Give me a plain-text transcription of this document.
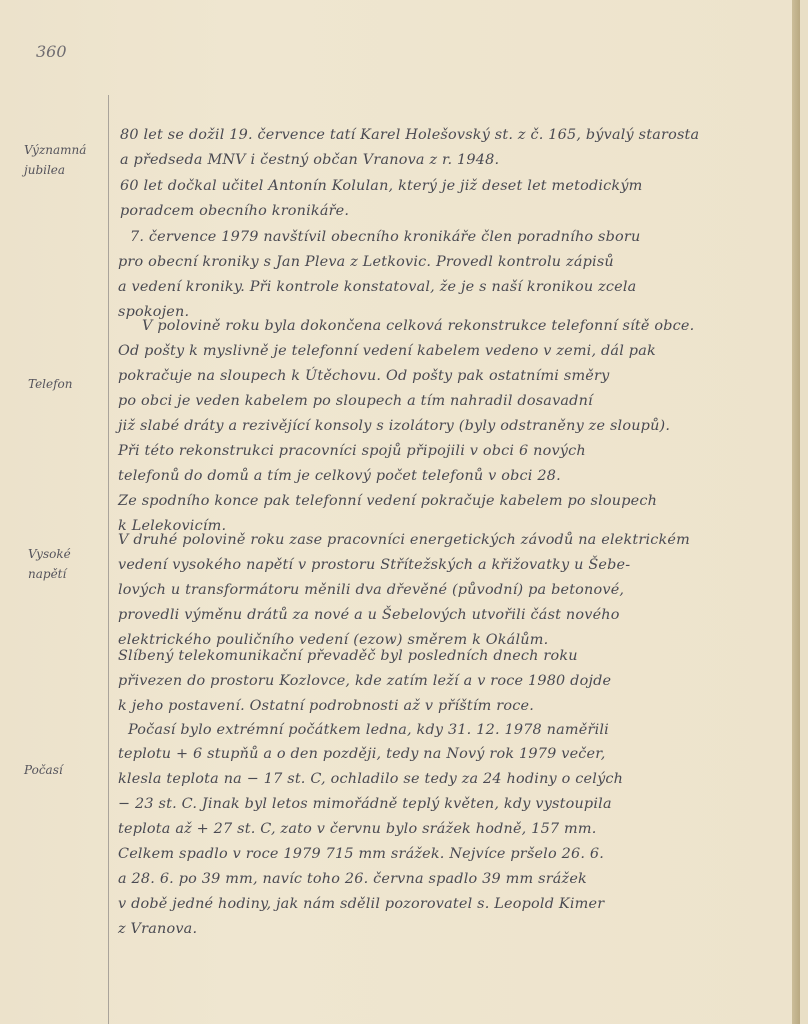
360
Významná
jubilea
Telefon
Vysoké
napětí
Počasí
80 let se dožil 19. července tatí Karel Holešovský st. z č. 165, bývalý starosta
a předseda MNV i čestný občan Vranova z r. 1948.
60 let dočkal učitel Antonín Kolulan, který je již deset let metodickým
poradcem obecního kronikáře.
7. července 1979 navštívil obecního kronikáře člen poradního sboru
pro obecní kroniky s Jan Pleva z Letkovic. Provedl kontrolu zápisů
a vedení kroniky. Při kontrole konstatoval, že je s naší kronikou zcela
spokojen.
V polovině roku byla dokončena celková rekonstrukce telefonní sítě obce.
Od pošty k myslivně je telefonní vedení kabelem vedeno v zemi, dál pak
pokračuje na sloupech k Útěchovu. Od pošty pak ostatními směry
po obci je veden kabelem po sloupech a tím nahradil dosavadní
již slabé dráty a rezivějící konsoly s izolátory (byly odstraněny ze sloupů).
Při této rekonstrukci pracovníci spojů připojili v obci 6 nových
telefonů do domů a tím je celkový počet telefonů v obci 28.
Ze spodního konce pak telefonní vedení pokračuje kabelem po sloupech
k Lelekovicím.
V druhé polovině roku zase pracovníci energetických závodů na elektrickém
vedení vysokého napětí v prostoru Střítežských a křižovatky u Šebe-
lových u transformátoru měnili dva dřevěné (původní) pa betonové,
provedli výměnu drátů za nové a u Šebelových utvořili část nového
elektrického pouličního vedení (ezow) směrem k Okálům.
Slíbený telekomunikační převaděč byl posledních dnech roku
přivezen do prostoru Kozlovce, kde zatím leží a v roce 1980 dojde
k jeho postavení. Ostatní podrobnosti až v příštím roce.
Počasí bylo extrémní počátkem ledna, kdy 31. 12. 1978 naměřili
teplotu + 6 stupňů a o den později, tedy na Nový rok 1979 večer,
klesla teplota na − 17 st. C, ochladilo se tedy za 24 hodiny o celých
− 23 st. C. Jinak byl letos mimořádně teplý květen, kdy vystoupila
teplota až + 27 st. C, zato v červnu bylo srážek hodně, 157 mm.
Celkem spadlo v roce 1979 715 mm srážek. Nejvíce pršelo 26. 6.
a 28. 6. po 39 mm, navíc toho 26. června spadlo 39 mm srážek
v době jedné hodiny, jak nám sdělil pozorovatel s. Leopold Kimer
z Vranova.
